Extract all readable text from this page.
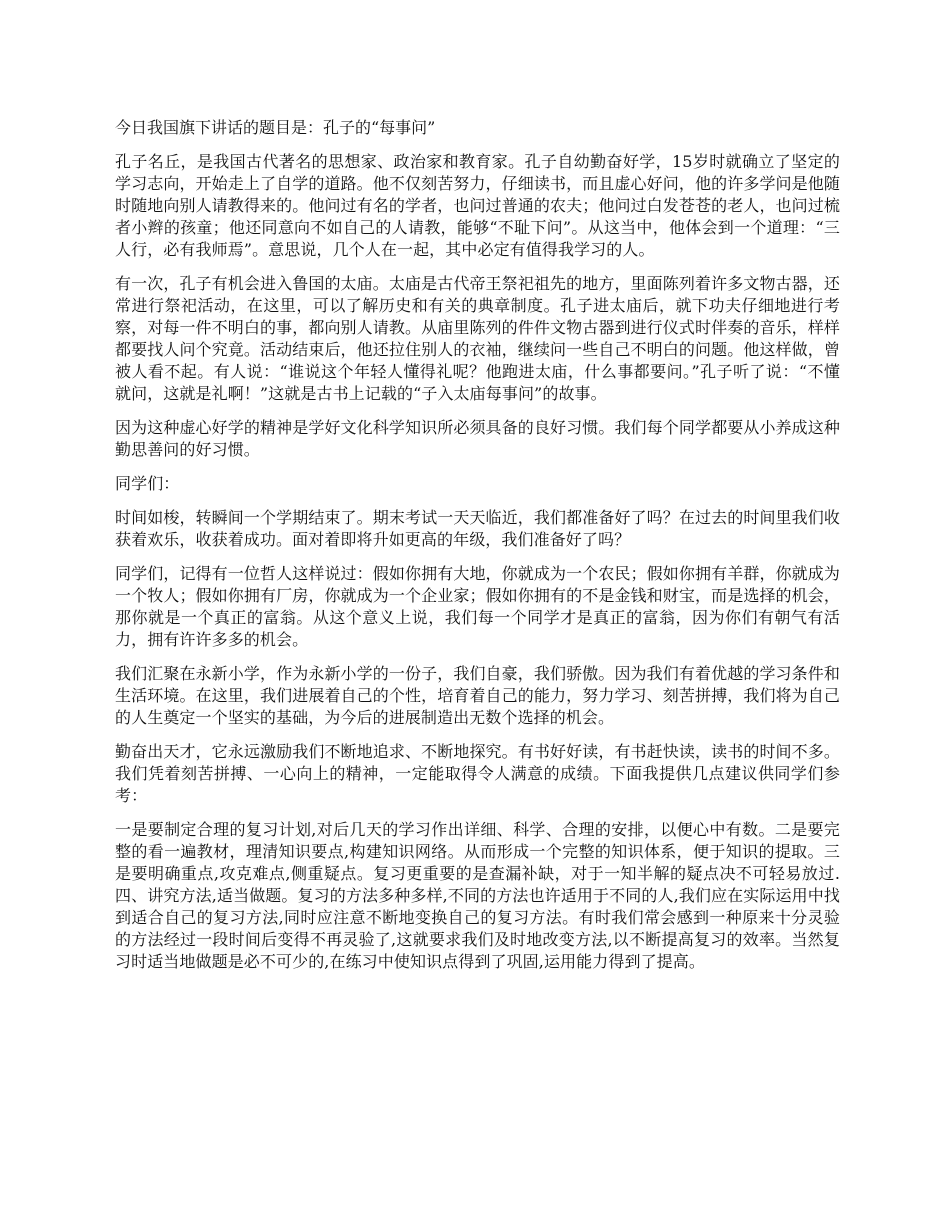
今日我国旗下讲话的题目是：孔子的“每事问”

孔子名丘，是我国古代著名的思想家、政治家和教育家。孔子自幼勤奋好学，15岁时就确立了坚定的学习志向，开始走上了自学的道路。他不仅刻苦努力，仔细读书，而且虚心好问，他的许多学问是他随时随地向别人请教得来的。他问过有名的学者，也问过普通的农夫；他问过白发苍苍的老人，也问过梳者小辫的孩童；他还同意向不如自己的人请教，能够“不耻下问”。从这当中，他体会到一个道理：“三人行，必有我师焉”。意思说，几个人在一起，其中必定有值得我学习的人。

有一次，孔子有机会进入鲁国的太庙。太庙是古代帝王祭祀祖先的地方，里面陈列着许多文物古器，还常进行祭祀活动，在这里，可以了解历史和有关的典章制度。孔子进太庙后，就下功夫仔细地进行考察，对每一件不明白的事，都向别人请教。从庙里陈列的件件文物古器到进行仪式时伴奏的音乐，样样都要找人问个究竟。活动结束后，他还拉住别人的衣袖，继续问一些自己不明白的问题。他这样做，曾被人看不起。有人说：“谁说这个年轻人懂得礼呢？他跑进太庙，什么事都要问。”孔子听了说：“不懂就问，这就是礼啊！”这就是古书上记载的“子入太庙每事问”的故事。

因为这种虚心好学的精神是学好文化科学知识所必须具备的良好习惯。我们每个同学都要从小养成这种勤思善问的好习惯。

同学们：

时间如梭，转瞬间一个学期结束了。期末考试一天天临近，我们都准备好了吗？在过去的时间里我们收获着欢乐，收获着成功。面对着即将升如更高的年级，我们准备好了吗？

同学们，记得有一位哲人这样说过：假如你拥有大地，你就成为一个农民；假如你拥有羊群，你就成为一个牧人；假如你拥有厂房，你就成为一个企业家；假如你拥有的不是金钱和财宝，而是选择的机会，那你就是一个真正的富翁。从这个意义上说，我们每一个同学才是真正的富翁，因为你们有朝气有活力，拥有许许多多的机会。

我们汇聚在永新小学，作为永新小学的一份子，我们自豪，我们骄傲。因为我们有着优越的学习条件和生活环境。在这里，我们进展着自己的个性，培育着自己的能力，努力学习、刻苦拼搏，我们将为自己的人生奠定一个坚实的基础，为今后的进展制造出无数个选择的机会。

勤奋出天才，它永远激励我们不断地追求、不断地探究。有书好好读，有书赶快读，读书的时间不多。我们凭着刻苦拼搏、一心向上的精神，一定能取得令人满意的成绩。下面我提供几点建议供同学们参考：

一是要制定合理的复习计划,对后几天的学习作出详细、科学、合理的安排，以便心中有数。二是要完整的看一遍教材，理清知识要点,构建知识网络。从而形成一个完整的知识体系，便于知识的提取。三是要明确重点,攻克难点,侧重疑点。复习更重要的是查漏补缺，对于一知半解的疑点决不可轻易放过.四、讲究方法,适当做题。复习的方法多种多样,不同的方法也许适用于不同的人,我们应在实际运用中找到适合自己的复习方法,同时应注意不断地变换自己的复习方法。有时我们常会感到一种原来十分灵验的方法经过一段时间后变得不再灵验了,这就要求我们及时地改变方法,以不断提高复习的效率。当然复习时适当地做题是必不可少的,在练习中使知识点得到了巩固,运用能力得到了提高。
